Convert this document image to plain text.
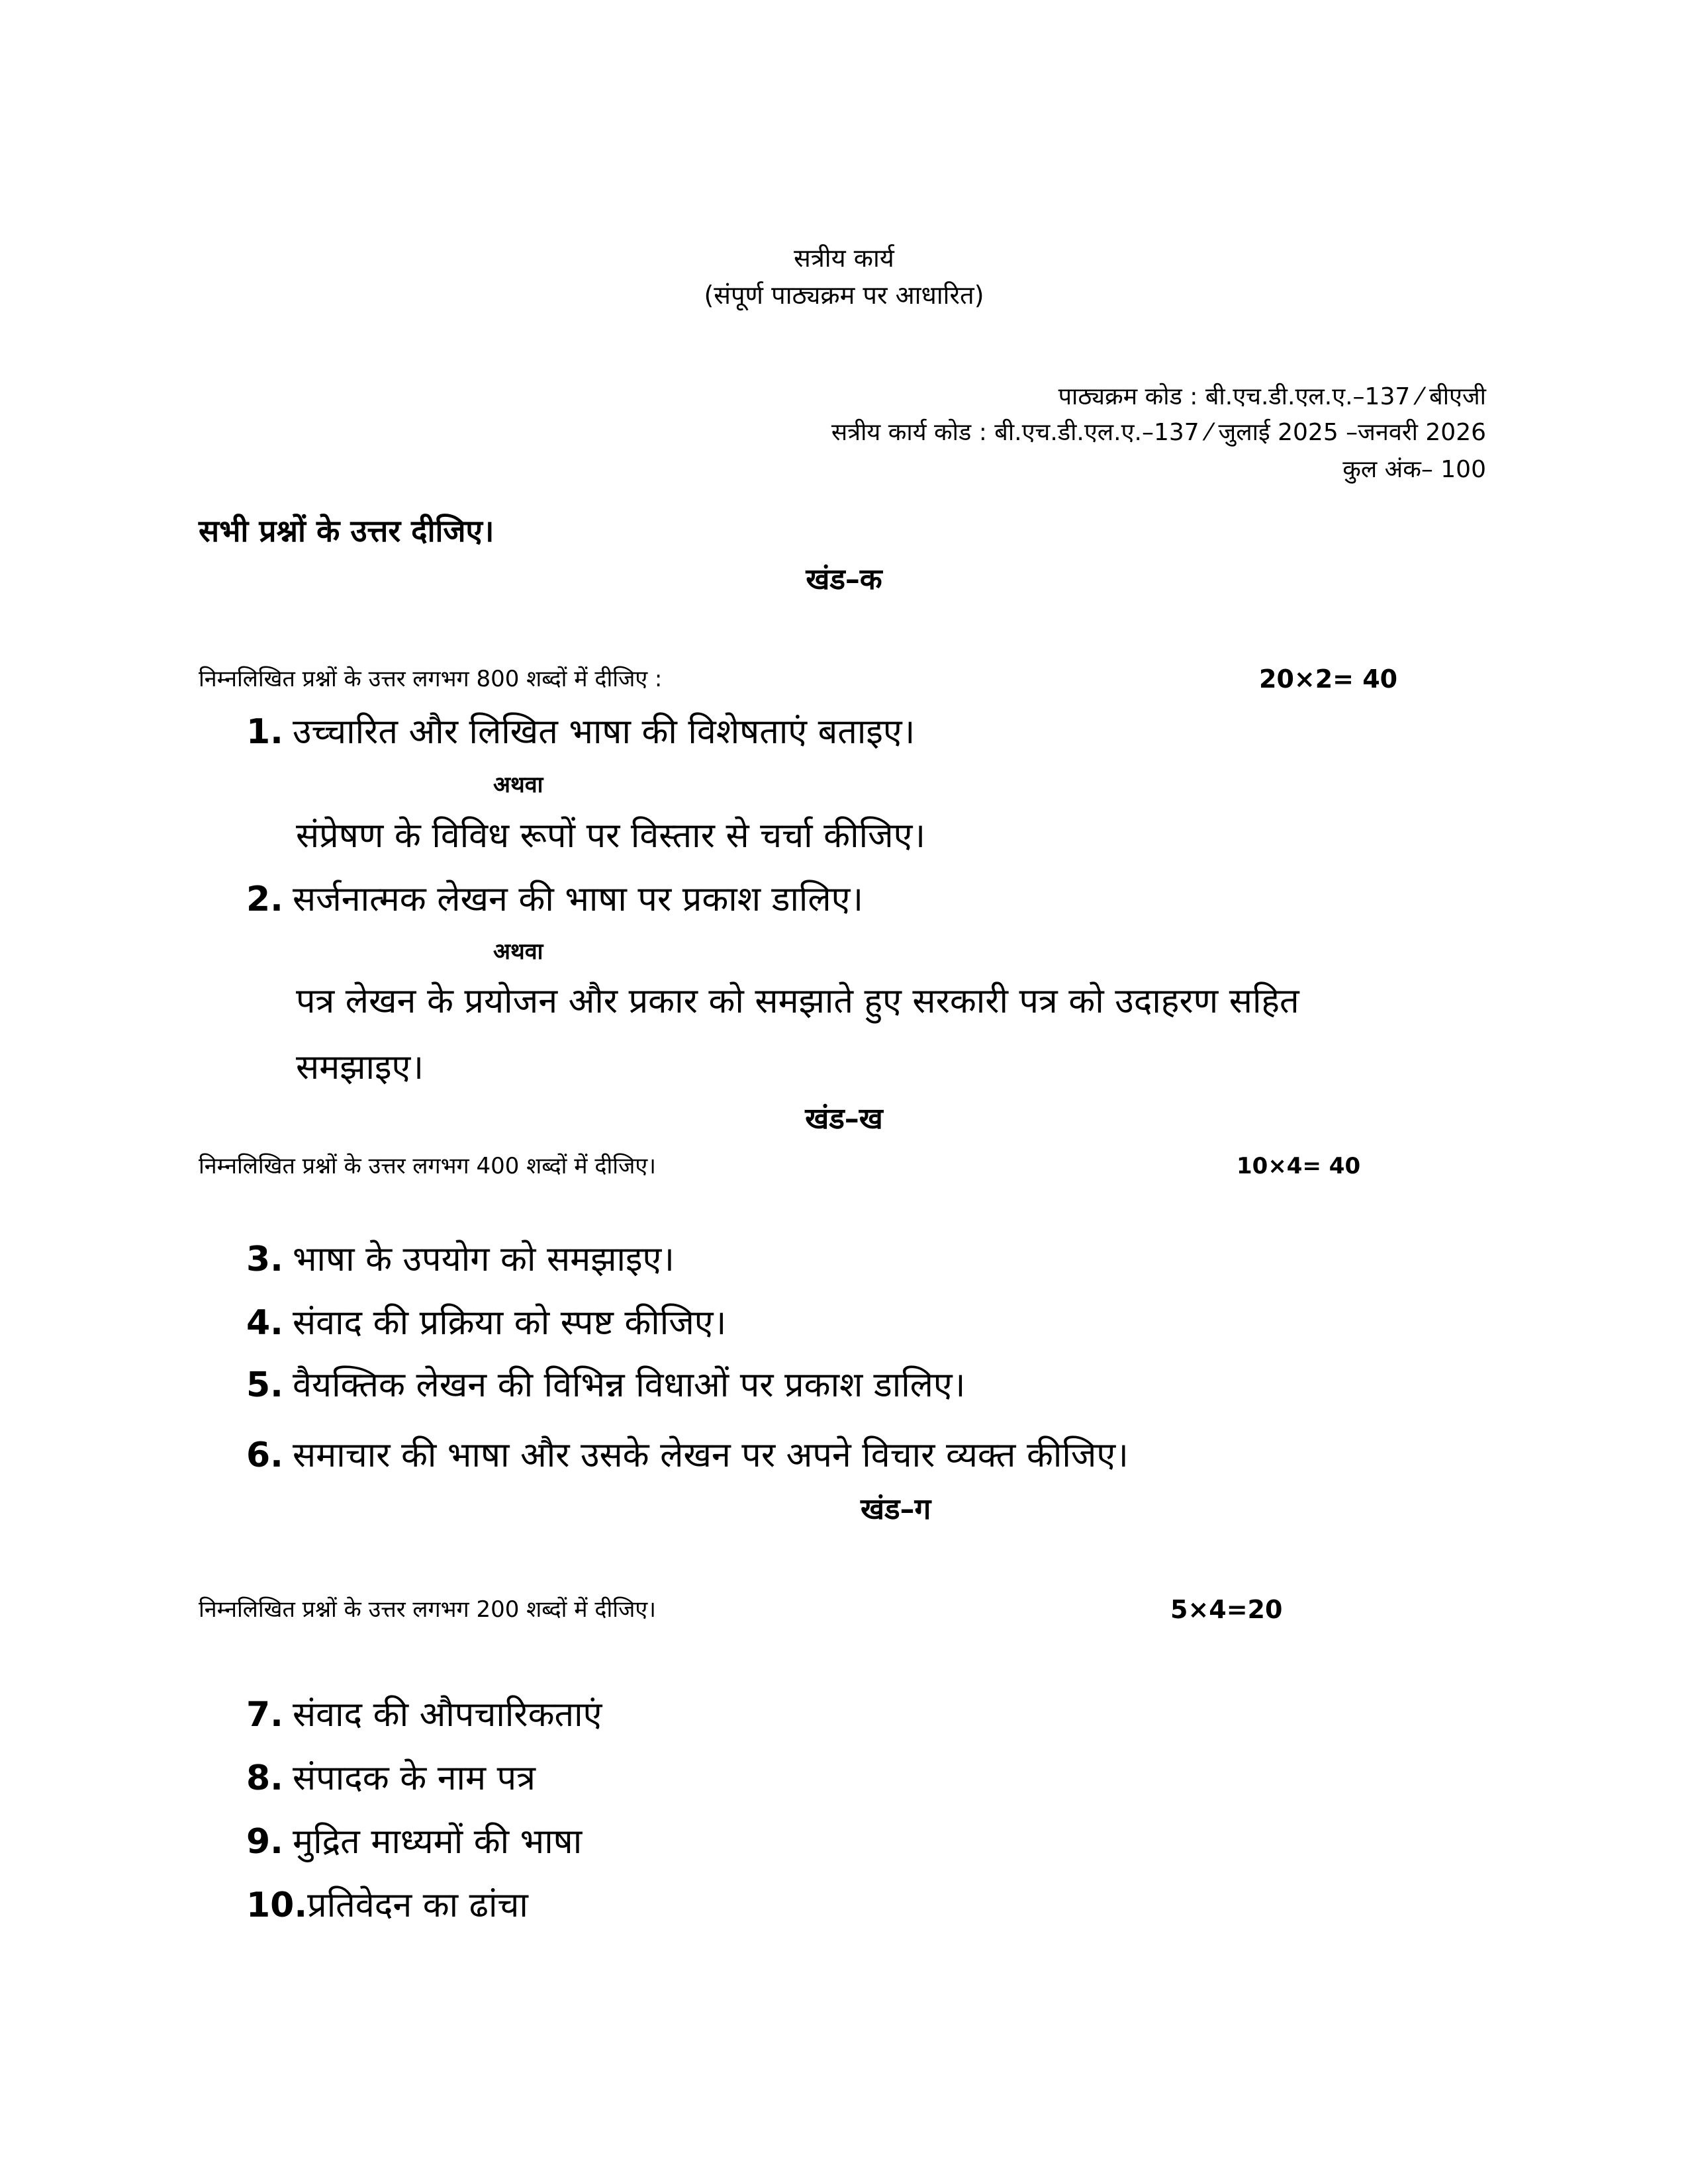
सत्रीय कार्य
(संपूर्ण पाठ्यक्रम पर आधारित)
पाठ्यक्रम कोड : बी.एच.डी.एल.ए.–137 ⁄ बीएजी
सत्रीय कार्य कोड : बी.एच.डी.एल.ए.–137 ⁄ जुलाई 2025 –जनवरी 2026
कुल अंक– 100
सभी प्रश्नों के उत्तर दीजिए।
खंड–क
निम्नलिखित प्रश्नों के उत्तर लगभग 800 शब्दों में दीजिए :	20×2= 40
1. उच्चारित और लिखित भाषा की विशेषताएं बताइए।
अथवा
संप्रेषण के विविध रूपों पर विस्तार से चर्चा कीजिए।
2. सर्जनात्मक लेखन की भाषा पर प्रकाश डालिए।
अथवा
पत्र लेखन के प्रयोजन और प्रकार को समझाते हुए सरकारी पत्र को उदाहरण सहित
समझाइए।
खंड–ख
निम्नलिखित प्रश्नों के उत्तर लगभग 400 शब्दों में दीजिए।	10×4= 40
3. भाषा के उपयोग को समझाइए।
4. संवाद की प्रक्रिया को स्पष्ट कीजिए।
5. वैयक्तिक लेखन की विभिन्न विधाओं पर प्रकाश डालिए।
6. समाचार की भाषा और उसके लेखन पर अपने विचार व्यक्त कीजिए।
खंड–ग
निम्नलिखित प्रश्नों के उत्तर लगभग 200 शब्दों में दीजिए।	5×4=20
7. संवाद की औपचारिकताएं
8. संपादक के नाम पत्र
9. मुद्रित माध्यमों की भाषा
10.प्रतिवेदन का ढांचा
